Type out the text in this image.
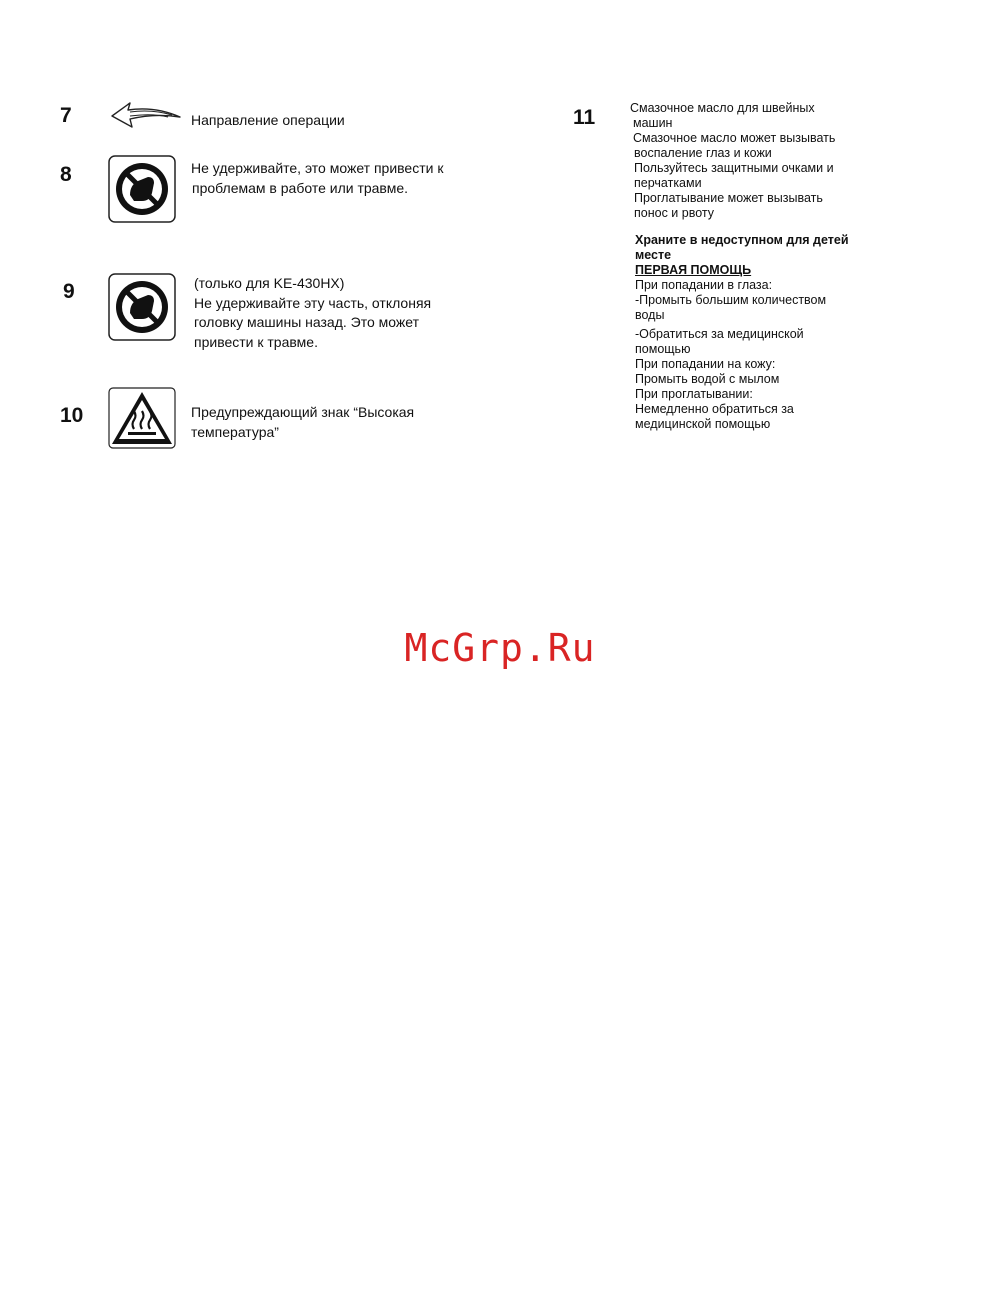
7	Направление операции
8	Не удерживайте, это может привести к
проблемам в работе или травме.
9	(только для KE-430HX)
Не удерживайте эту часть, отклоняя
головку машины назад. Это может
привести к травме.
10	Предупреждающий знак “Высокая
температура”
11	Смазочное масло для швейных
машин
Смазочное масло может вызывать
воспаление глаз и кожи
Пользуйтесь защитными очками и
перчатками
Проглатывание может вызывать
понос и рвоту
Храните в недоступном для детей
месте
ПЕРВАЯ ПОМОЩЬ
При попадании в глаза:
-Промыть большим количеством
воды
-Обратиться за медицинской
помощью
При попадании на кожу:
Промыть водой с мылом
При проглатывании:
Немедленно обратиться за
медицинской помощью
McGrp.Ru
